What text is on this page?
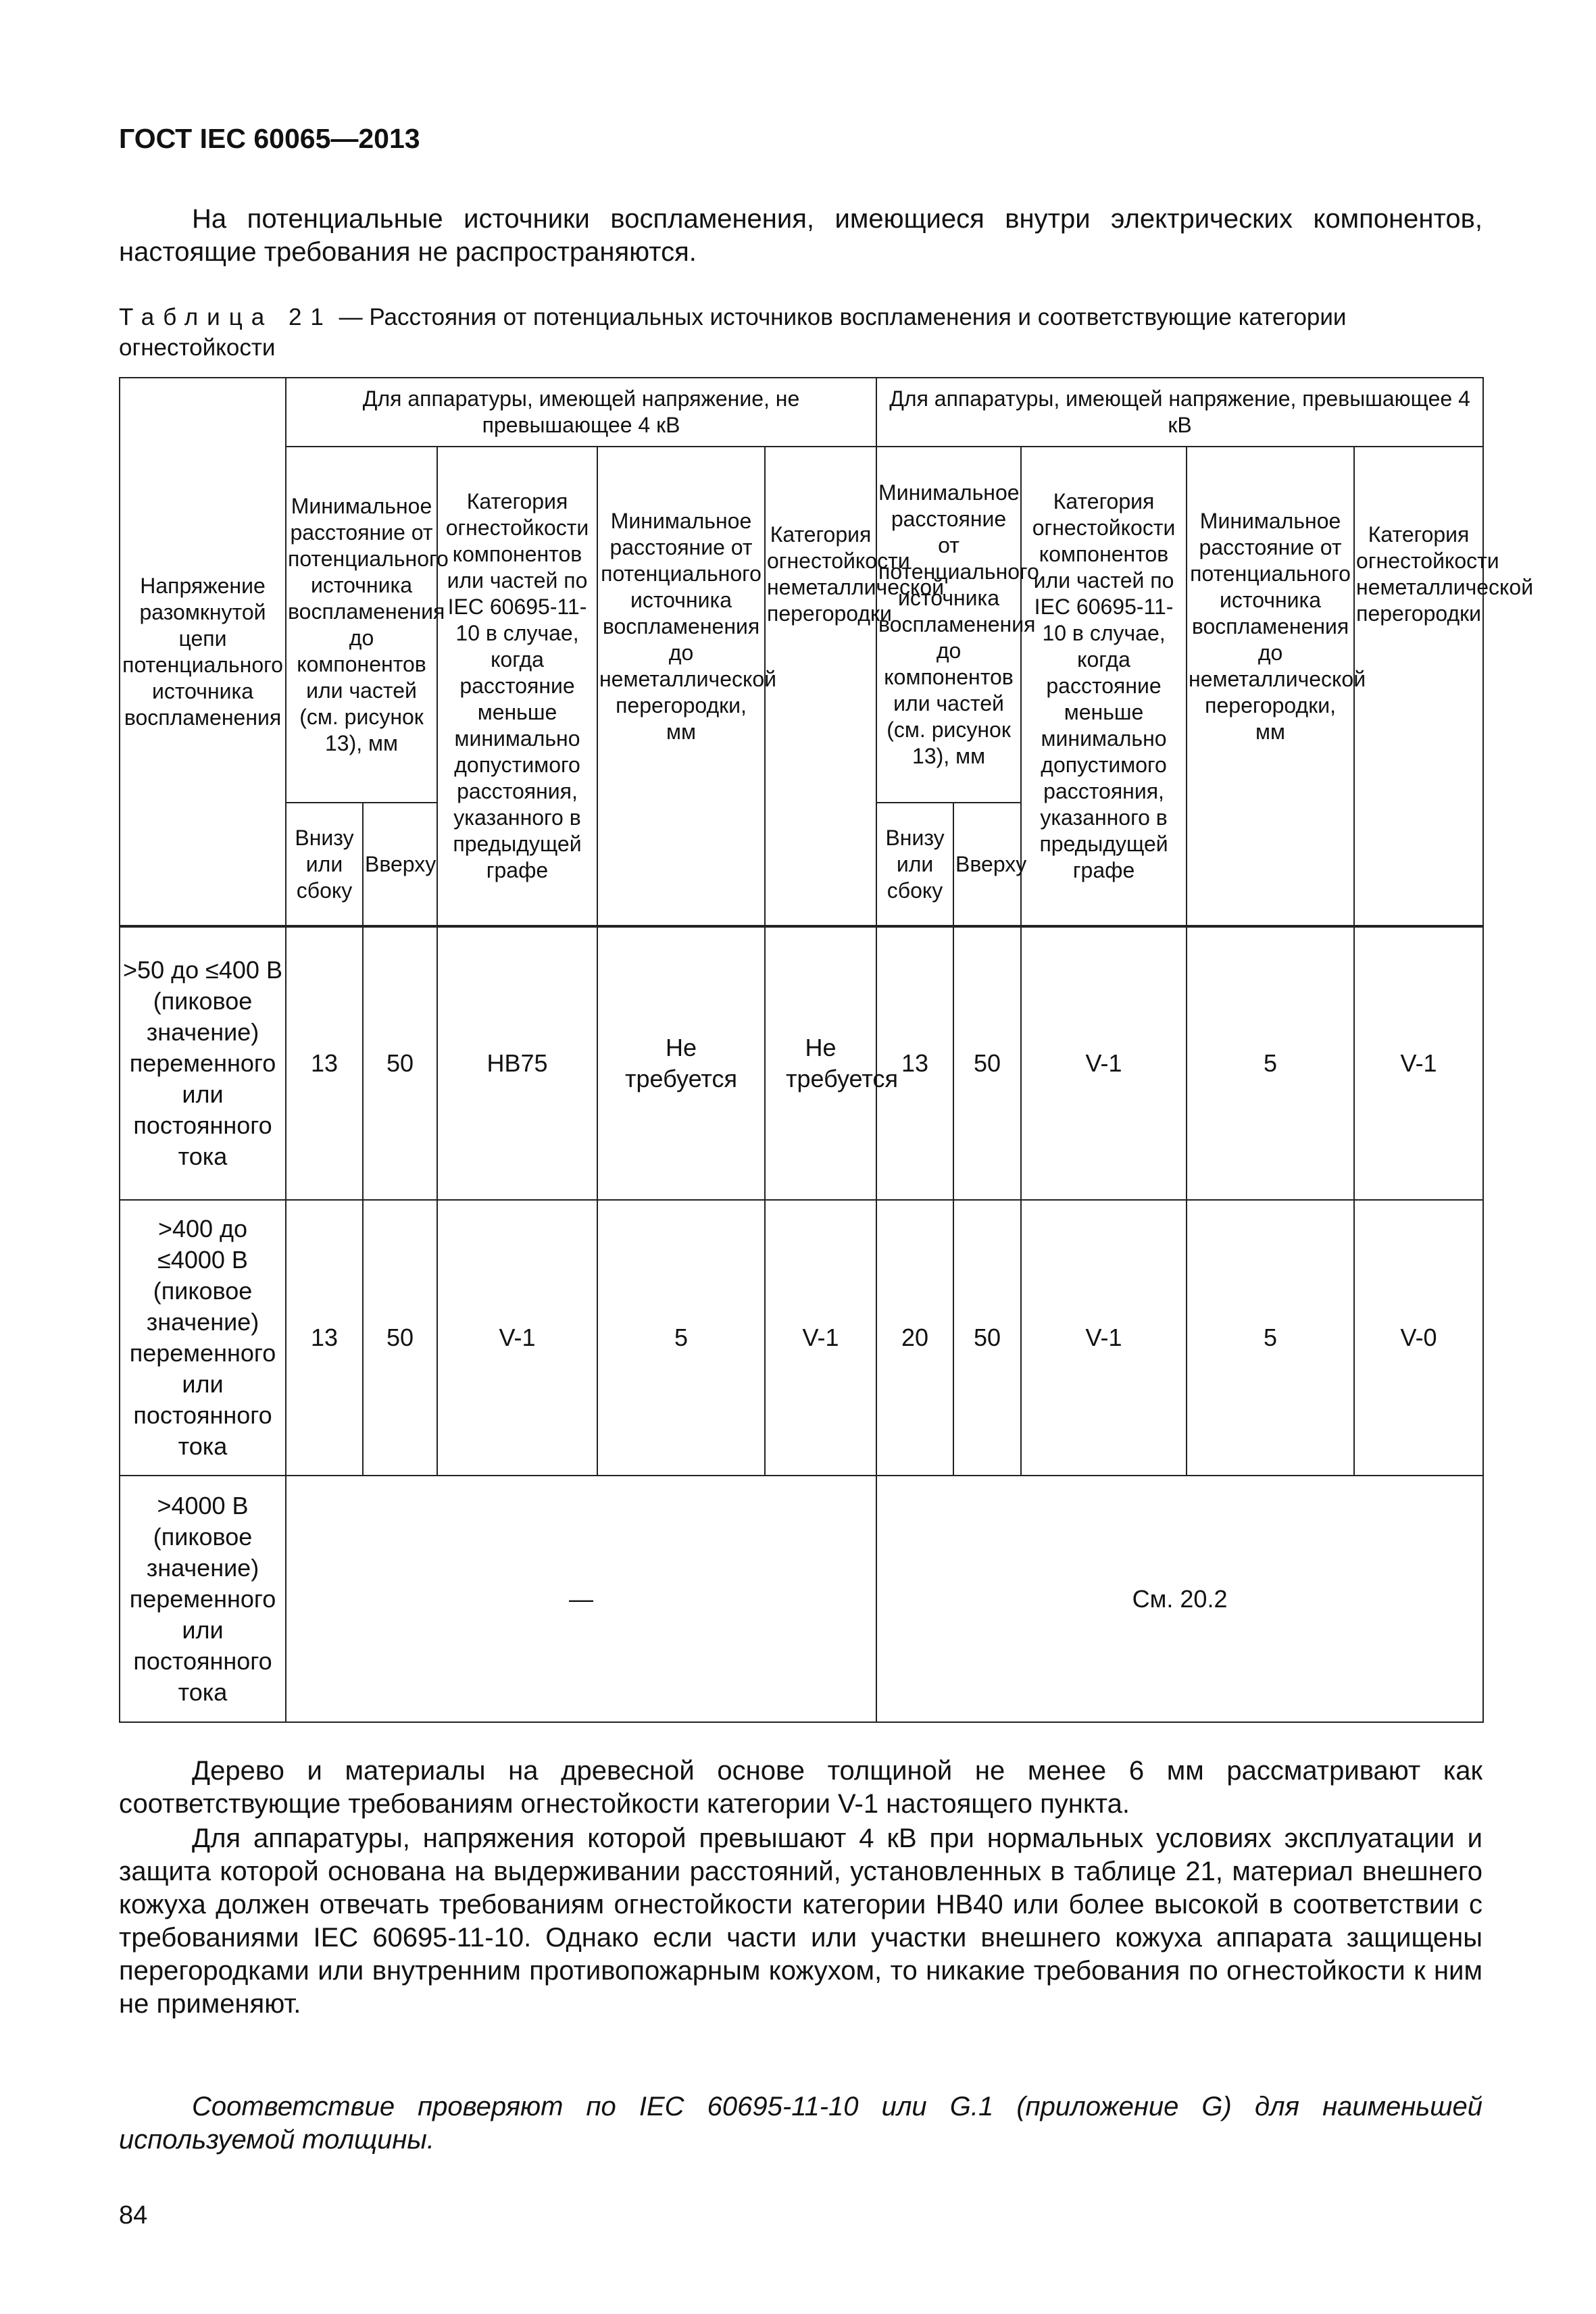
ГОСТ IEC 60065—2013

На потенциальные источники воспламенения, имеющиеся внутри электрических компонентов, настоящие требования не распространяются.

Таблица 21 — Расстояния от потенциальных источников воспламенения и соответствующие категории огнестойкости
Напряжение разомкнутой цепи потенциального источника воспламенения	Для аппаратуры, имеющей напряжение, не превышающее 4 кВ					Для аппаратуры, имеющей напряжение, превышающее 4 кВ				
	Минимальное расстояние от потенциального источника воспламенения до компонентов или частей (см. рисунок 13), мм		Категория огнестойкости компонентов или частей по IEC 60695-11-10 в случае, когда расстояние меньше минимально допустимого расстояния, указанного в предыдущей графе	Минимальное расстояние от потенциального источника воспламенения до неметаллической перегородки, мм	Категория огнестойкости неметаллической перегородки	Минимальное расстояние от потенциального источника воспламенения до компонентов или частей (см. рисунок 13), мм		Категория огнестойкости компонентов или частей по IEC 60695-11-10 в случае, когда расстояние меньше минимально допустимого расстояния, указанного в предыдущей графе	Минимальное расстояние от потенциального источника воспламенения до неметаллической перегородки, мм	Категория огнестойкости неметаллической перегородки
	Внизу или сбоку	Вверху				Внизу или сбоку	Вверху			
>50 до ≤400 В (пиковое значение) переменного или постоянного тока	13	50	HB75	Не требуется	Не требуется	13	50	V-1	5	V-1
>400 до ≤4000 В (пиковое значение) переменного или постоянного тока	13	50	V-1	5	V-1	20	50	V-1	5	V-0
>4000 В (пиковое значение) переменного или постоянного тока	—					См. 20.2				

Дерево и материалы на древесной основе толщиной не менее 6 мм рассматривают как соответствующие требованиям огнестойкости категории V-1 настоящего пункта.

Для аппаратуры, напряжения которой превышают 4 кВ при нормальных условиях эксплуатации и защита которой основана на выдерживании расстояний, установленных в таблице 21, материал внешнего кожуха должен отвечать требованиям огнестойкости категории HB40 или более высокой в соответствии с требованиями IEC 60695-11-10. Однако если части или участки внешнего кожуха аппарата защищены перегородками или внутренним противопожарным кожухом, то никакие требования по огнестойкости к ним не применяют.

Соответствие проверяют по IEC 60695-11-10 или G.1 (приложение G) для наименьшей используемой толщины.

84
